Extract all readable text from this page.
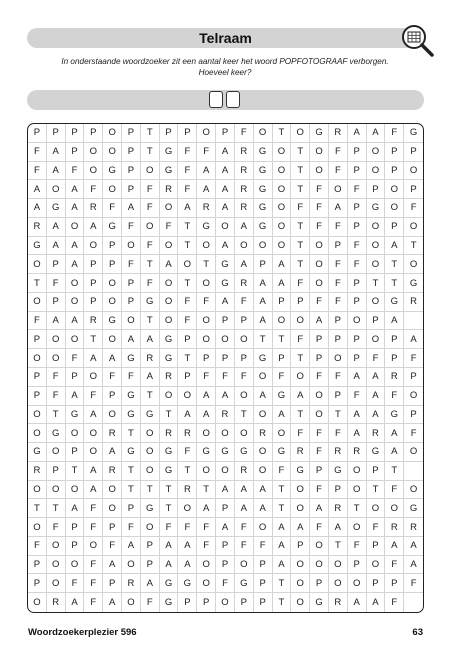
Telraam
In onderstaande woordzoeker zit een aantal keer het woord POPFOTOGRAAF verborgen.
Hoeveel keer?
P	P	P	P	O	P	T	P	P	O	P	F	O	T	O	G	R	A	A	F	G
F	A	P	O	O	P	T	G	F	F	A	R	G	O	T	O	F	P	O	P	P
F	A	F	O	G	P	O	G	F	A	A	R	G	O	T	O	F	P	O	P	O
A	O	A	F	O	P	F	R	F	A	A	R	G	O	T	F	O	F	P	O	P
A	G	A	R	F	A	F	O	A	R	A	R	G	O	F	F	A	P	G	O	F
R	A	O	A	G	F	O	F	T	G	O	A	G	O	T	F	F	P	O	P	O
G	A	A	O	P	O	F	O	T	O	A	O	O	O	T	O	P	F	O	A	T
O	P	A	P	P	F	T	A	O	T	G	A	P	A	T	O	F	F	O	T	O
T	F	O	P	O	P	F	O	T	O	G	R	A	A	F	O	F	P	T	T	G
O	P	O	P	O	P	G	O	F	F	A	F	A	P	P	F	F	P	O	G	R
F	A	A	R	G	O	T	O	F	O	P	P	A	O	O	A	P	O	P	A
P	O	O	T	O	A	A	G	P	O	O	O	T	T	F	P	P	P	O	P	A
O	O	F	A	A	G	R	G	T	P	P	P	G	P	T	P	O	P	F	P	F
P	F	P	O	F	F	A	R	P	F	F	F	O	F	O	F	F	A	A	R	P
P	F	A	F	P	G	T	O	O	A	A	O	A	G	A	O	P	F	A	F	O
O	T	G	A	O	G	G	T	A	A	R	T	O	A	T	O	T	A	A	G	P
O	G	O	O	R	T	O	R	R	O	O	O	R	O	F	F	F	A	R	A	F
G	O	P	O	A	G	O	G	F	G	G	G	O	G	R	F	R	R	G	A	O
R	P	T	A	R	T	O	G	T	O	O	R	O	F	G	P	G	O	P	T
O	O	O	A	O	T	T	T	R	T	A	A	A	T	O	F	P	O	T	F	O
T	T	A	F	O	P	G	T	O	A	P	A	A	T	O	A	R	T	O	O	G
O	F	P	F	P	F	O	F	F	F	A	F	O	A	A	F	A	O	F	R	R
F	O	P	O	F	A	P	A	A	F	P	F	F	A	P	O	T	F	P	A	A
P	O	O	F	A	O	P	A	A	O	P	O	P	A	O	O	O	P	O	F	A
P	O	F	F	P	R	A	G	G	O	F	G	P	T	O	P	O	O	P	P	F
O	R	A	F	A	O	F	G	P	P	O	P	P	T	O	G	R	A	A	F
Woordzoekerplezier 596	63
